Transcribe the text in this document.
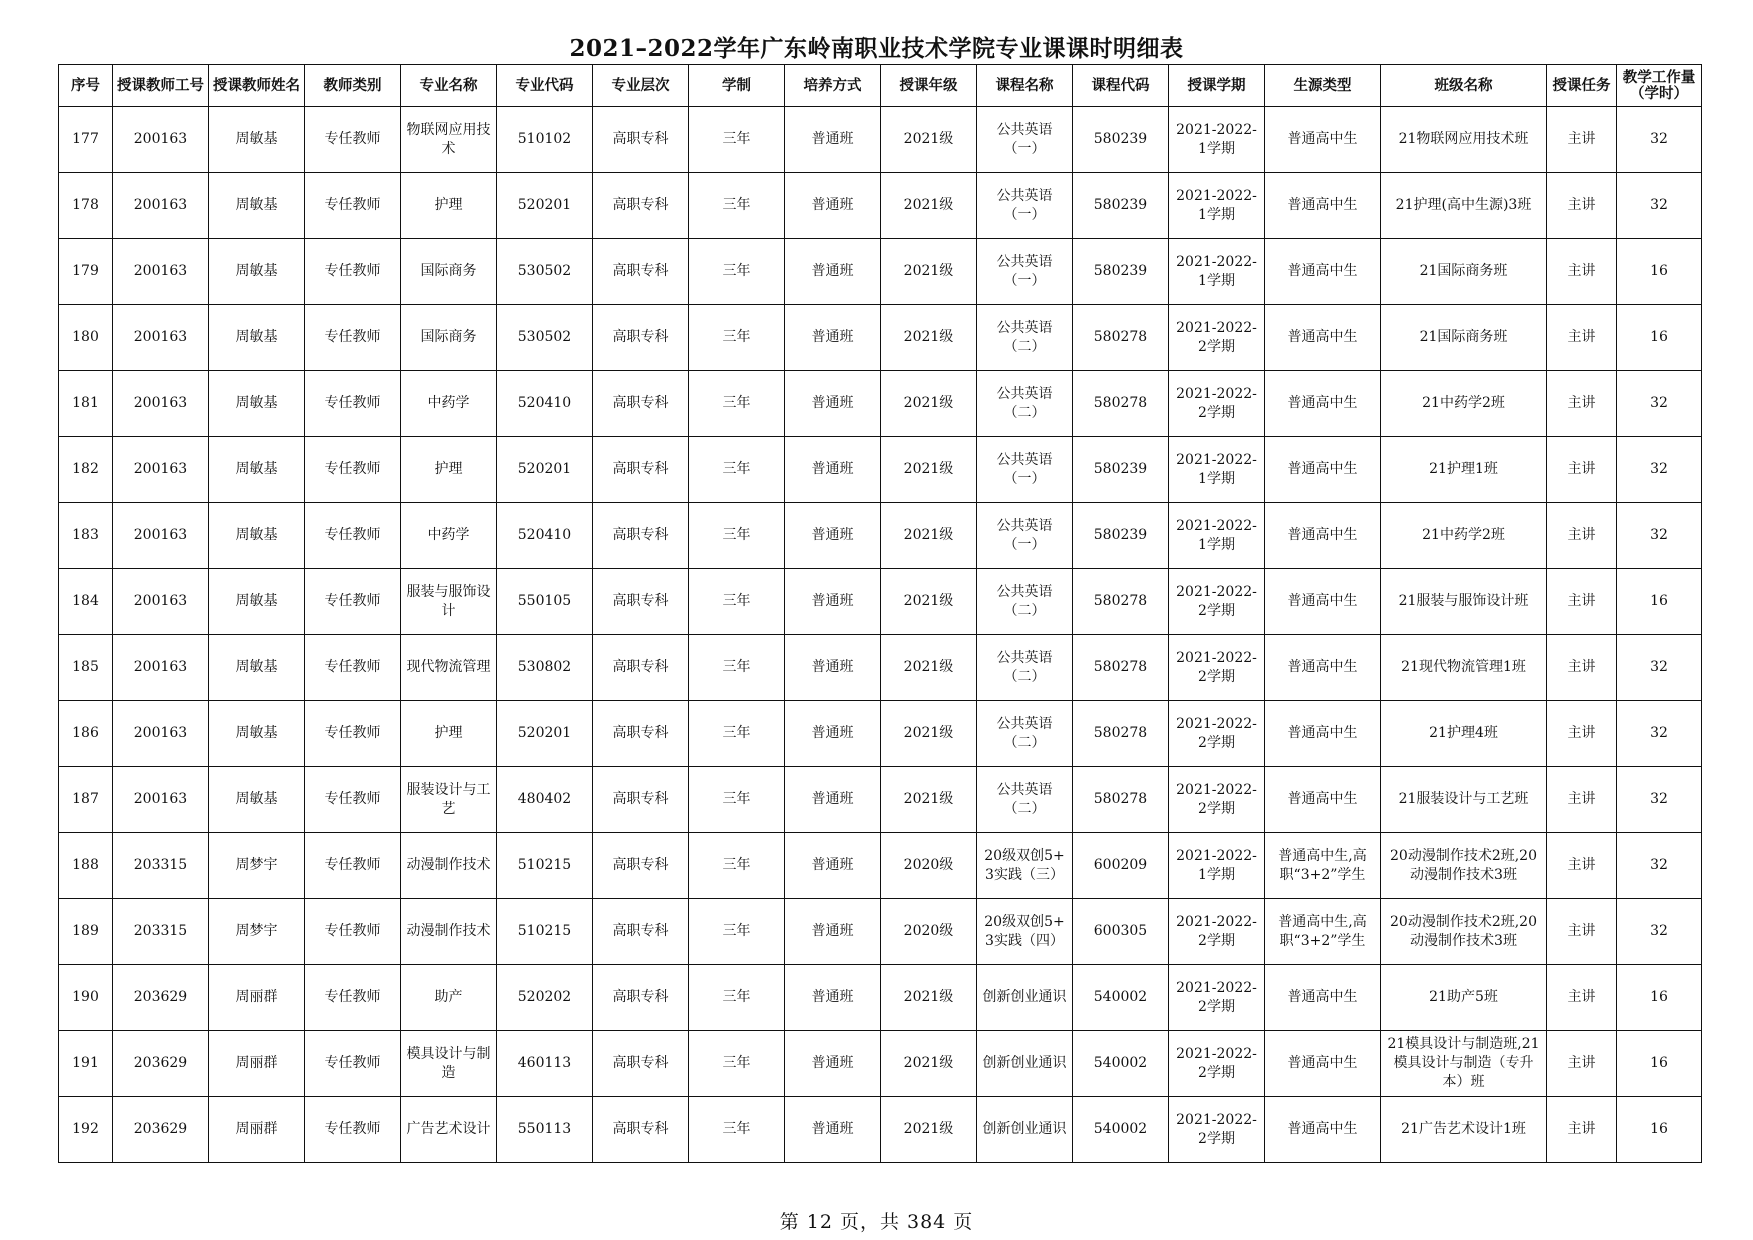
2021–2022学年广东岭南职业技术学院专业课课时明细表
序号	授课教师工号	授课教师姓名	教师类别	专业名称	专业代码	专业层次	学制	培养方式	授课年级	课程名称	课程代码	授课学期	生源类型	班级名称	授课任务	教学工作量（学时）
177	200163	周敏基	专任教师	物联网应用技术	510102	高职专科	三年	普通班	2021级	公共英语（一）	580239	2021-2022-1学期	普通高中生	21物联网应用技术班	主讲	32
178	200163	周敏基	专任教师	护理	520201	高职专科	三年	普通班	2021级	公共英语（一）	580239	2021-2022-1学期	普通高中生	21护理(高中生源)3班	主讲	32
179	200163	周敏基	专任教师	国际商务	530502	高职专科	三年	普通班	2021级	公共英语（一）	580239	2021-2022-1学期	普通高中生	21国际商务班	主讲	16
180	200163	周敏基	专任教师	国际商务	530502	高职专科	三年	普通班	2021级	公共英语（二）	580278	2021-2022-2学期	普通高中生	21国际商务班	主讲	16
181	200163	周敏基	专任教师	中药学	520410	高职专科	三年	普通班	2021级	公共英语（二）	580278	2021-2022-2学期	普通高中生	21中药学2班	主讲	32
182	200163	周敏基	专任教师	护理	520201	高职专科	三年	普通班	2021级	公共英语（一）	580239	2021-2022-1学期	普通高中生	21护理1班	主讲	32
183	200163	周敏基	专任教师	中药学	520410	高职专科	三年	普通班	2021级	公共英语（一）	580239	2021-2022-1学期	普通高中生	21中药学2班	主讲	32
184	200163	周敏基	专任教师	服装与服饰设计	550105	高职专科	三年	普通班	2021级	公共英语（二）	580278	2021-2022-2学期	普通高中生	21服装与服饰设计班	主讲	16
185	200163	周敏基	专任教师	现代物流管理	530802	高职专科	三年	普通班	2021级	公共英语（二）	580278	2021-2022-2学期	普通高中生	21现代物流管理1班	主讲	32
186	200163	周敏基	专任教师	护理	520201	高职专科	三年	普通班	2021级	公共英语（二）	580278	2021-2022-2学期	普通高中生	21护理4班	主讲	32
187	200163	周敏基	专任教师	服装设计与工艺	480402	高职专科	三年	普通班	2021级	公共英语（二）	580278	2021-2022-2学期	普通高中生	21服装设计与工艺班	主讲	32
188	203315	周梦宇	专任教师	动漫制作技术	510215	高职专科	三年	普通班	2020级	20级双创5+3实践（三）	600209	2021-2022-1学期	普通高中生,高职“3+2”学生	20动漫制作技术2班,20动漫制作技术3班	主讲	32
189	203315	周梦宇	专任教师	动漫制作技术	510215	高职专科	三年	普通班	2020级	20级双创5+3实践（四）	600305	2021-2022-2学期	普通高中生,高职“3+2”学生	20动漫制作技术2班,20动漫制作技术3班	主讲	32
190	203629	周丽群	专任教师	助产	520202	高职专科	三年	普通班	2021级	创新创业通识	540002	2021-2022-2学期	普通高中生	21助产5班	主讲	16
191	203629	周丽群	专任教师	模具设计与制造	460113	高职专科	三年	普通班	2021级	创新创业通识	540002	2021-2022-2学期	普通高中生	21模具设计与制造班,21模具设计与制造（专升本）班	主讲	16
192	203629	周丽群	专任教师	广告艺术设计	550113	高职专科	三年	普通班	2021级	创新创业通识	540002	2021-2022-2学期	普通高中生	21广告艺术设计1班	主讲	16
第 12 页，共 384 页
